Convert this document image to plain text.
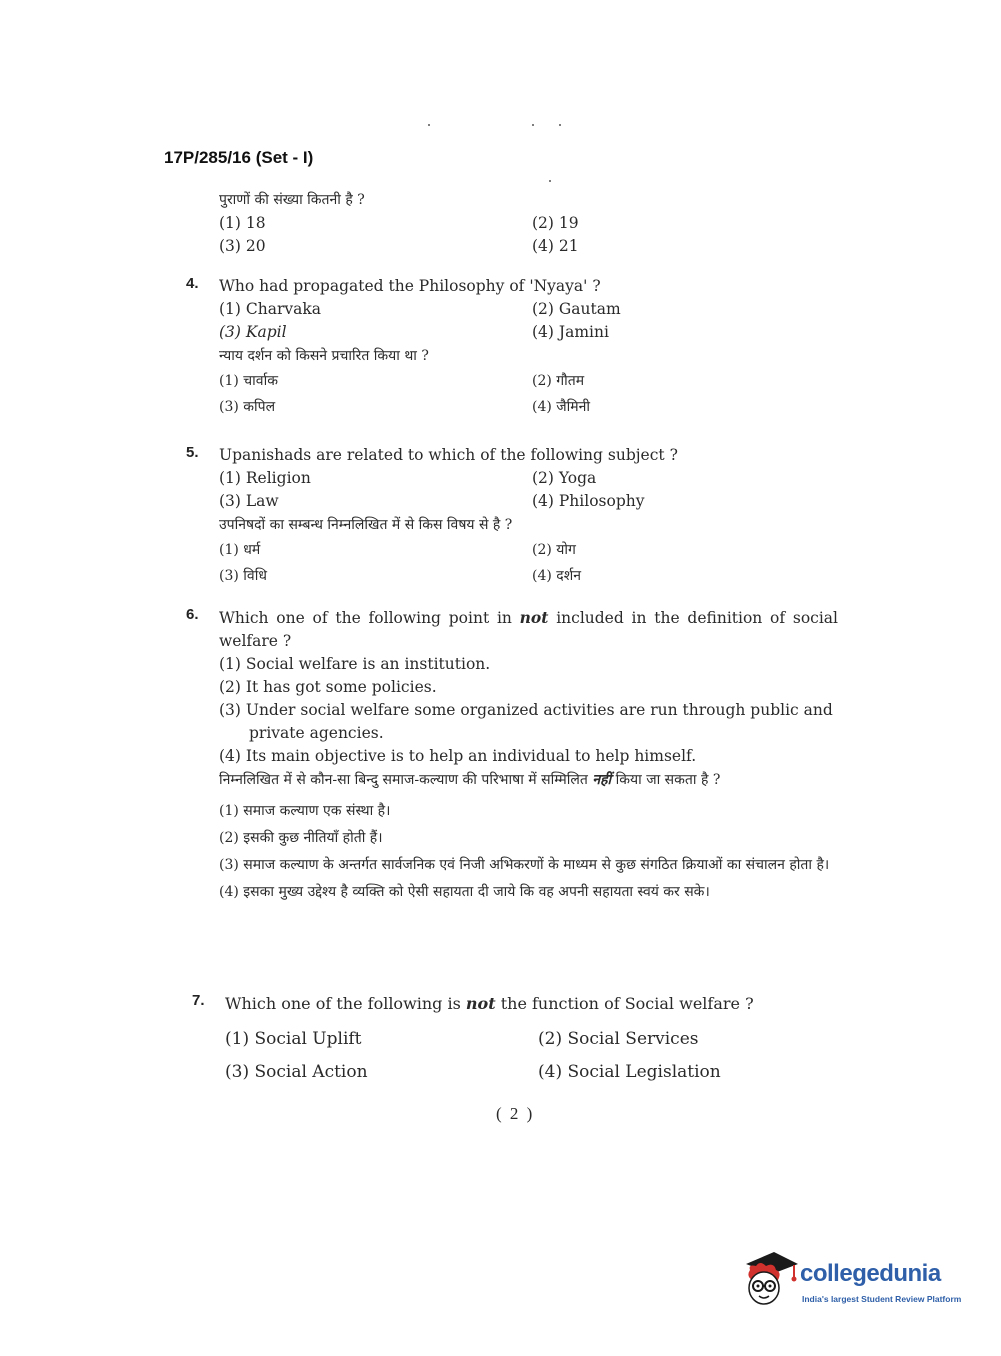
17P/285/16 (Set - I)

पुराणों की संख्या कितनी है ?

(1) 18	(2) 19
(3) 20	(4) 21
4. Who had propagated the Philosophy of 'Nyaya' ?

(1) Charvaka	(2) Gautam
(3) Kapil	(4) Jamini

न्याय दर्शन को किसने प्रचारित किया था ?

(1) चार्वाक	(2) गौतम
(3) कपिल	(4) जैमिनी
5. Upanishads are related to which of the following subject ?

(1) Religion	(2) Yoga
(3) Law	(4) Philosophy

उपनिषदों का सम्बन्ध निम्नलिखित में से किस विषय से है ?

(1) धर्म	(2) योग
(3) विधि	(4) दर्शन
6. Which one of the following point in not included in the definition of social welfare ?

(1) Social welfare is an institution.
(2) It has got some policies.
(3) Under social welfare some organized activities are run through public and private agencies.
(4) Its main objective is to help an individual to help himself.

निम्नलिखित में से कौन-सा बिन्दु समाज-कल्याण की परिभाषा में सम्मिलित नहीं किया जा सकता है ?

(1) समाज कल्याण एक संस्था है।
(2) इसकी कुछ नीतियाँ होती हैं।
(3) समाज कल्याण के अन्तर्गत सार्वजनिक एवं निजी अभिकरणों के माध्यम से कुछ संगठित क्रियाओं का संचालन होता है।
(4) इसका मुख्य उद्देश्य है व्यक्ति को ऐसी सहायता दी जाये कि वह अपनी सहायता स्वयं कर सके।
7. Which one of the following is not the function of Social welfare ?

(1) Social Uplift	(2) Social Services
(3) Social Action	(4) Social Legislation
( 2 )
collegedunia
India's largest Student Review Platform
